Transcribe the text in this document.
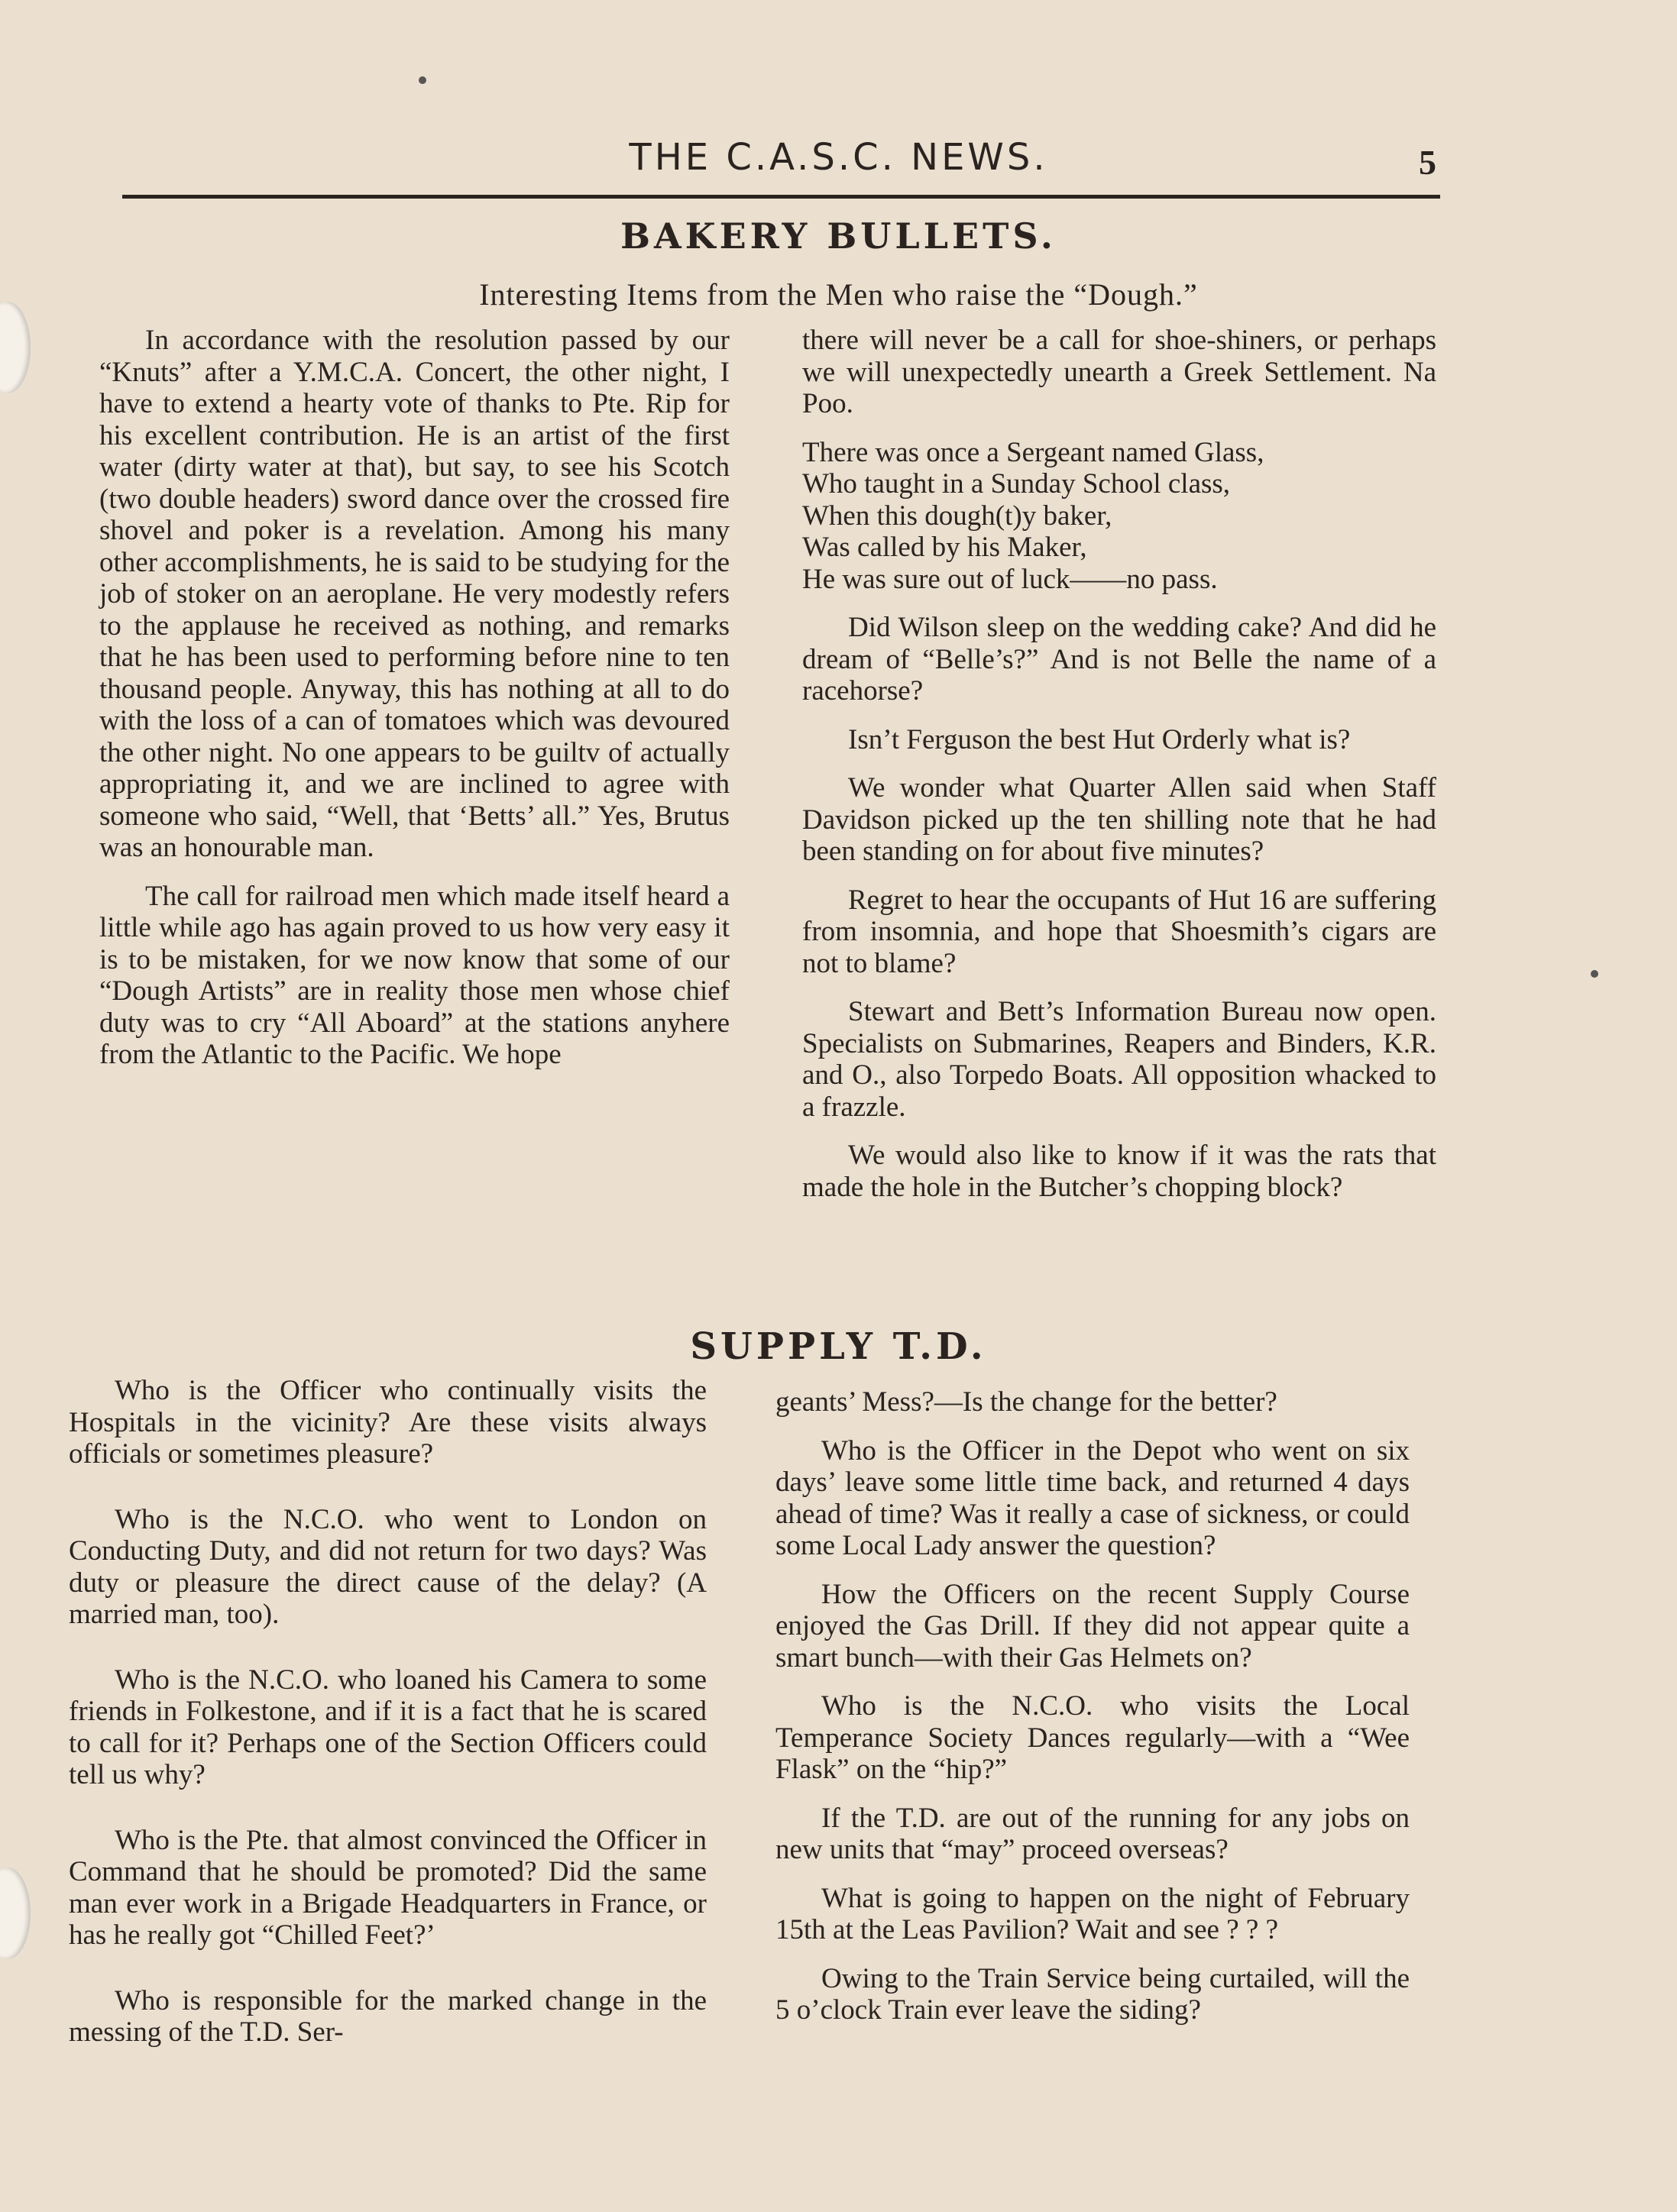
THE C.A.S.C. NEWS.	5
BAKERY BULLETS.
Interesting Items from the Men who raise the “Dough.”

In accordance with the resolution passed by our “Knuts” after a Y.M.C.A. Concert, the other night, I have to extend a hearty vote of thanks to Pte. Rip for his excellent contribution. He is an artist of the first water (dirty water at that), but say, to see his Scotch (two double headers) sword dance over the crossed fire shovel and poker is a revelation. Among his many other accomplishments, he is said to be studying for the job of stoker on an aeroplane. He very modestly refers to the applause he received as nothing, and remarks that he has been used to performing before nine to ten thousand people. Anyway, this has nothing at all to do with the loss of a can of tomatoes which was devoured the other night. No one appears to be guiltv of actually appropriating it, and we are inclined to agree with someone who said, “Well, that ‘Betts’ all.” Yes, Brutus was an honourable man.

The call for railroad men which made itself heard a little while ago has again proved to us how very easy it is to be mistaken, for we now know that some of our “Dough Artists” are in reality those men whose chief duty was to cry “All Aboard” at the stations anyhere from the Atlantic to the Pacific. We hope

there will never be a call for shoe-shiners, or perhaps we will unexpectedly unearth a Greek Settlement. Na Poo.

There was once a Sergeant named Glass,

Who taught in a Sunday School class,

When this dough(t)y baker,

Was called by his Maker,

He was sure out of luck——no pass.

Did Wilson sleep on the wedding cake? And did he dream of “Belle’s?” And is not Belle the name of a racehorse?

Isn’t Ferguson the best Hut Orderly what is?

We wonder what Quarter Allen said when Staff Davidson picked up the ten shilling note that he had been standing on for about five minutes?

Regret to hear the occupants of Hut 16 are suffering from insomnia, and hope that Shoesmith’s cigars are not to blame?

Stewart and Bett’s Information Bureau now open. Specialists on Submarines, Reapers and Binders, K.R. and O., also Torpedo Boats. All opposition whacked to a frazzle.

We would also like to know if it was the rats that made the hole in the Butcher’s chopping block?

SUPPLY T.D.

Who is the Officer who continually visits the Hospitals in the vicinity? Are these visits always officials or sometimes pleasure?

Who is the N.C.O. who went to London on Conducting Duty, and did not return for two days? Was duty or pleasure the direct cause of the delay? (A married man, too).

Who is the N.C.O. who loaned his Camera to some friends in Folkestone, and if it is a fact that he is scared to call for it? Perhaps one of the Section Officers could tell us why?

Who is the Pte. that almost convinced the Officer in Command that he should be promoted? Did the same man ever work in a Brigade Headquarters in France, or has he really got “Chilled Feet?’

Who is responsible for the marked change in the messing of the T.D. Ser-

geants’ Mess?—Is the change for the better?

Who is the Officer in the Depot who went on six days’ leave some little time back, and returned 4 days ahead of time? Was it really a case of sickness, or could some Local Lady answer the question?

How the Officers on the recent Supply Course enjoyed the Gas Drill. If they did not appear quite a smart bunch—with their Gas Helmets on?

Who is the N.C.O. who visits the Local Temperance Society Dances regularly—with a “Wee Flask” on the “hip?”

If the T.D. are out of the running for any jobs on new units that “may” proceed overseas?

What is going to happen on the night of February 15th at the Leas Pavilion? Wait and see ? ? ?

Owing to the Train Service being curtailed, will the 5 o’clock Train ever leave the siding?
